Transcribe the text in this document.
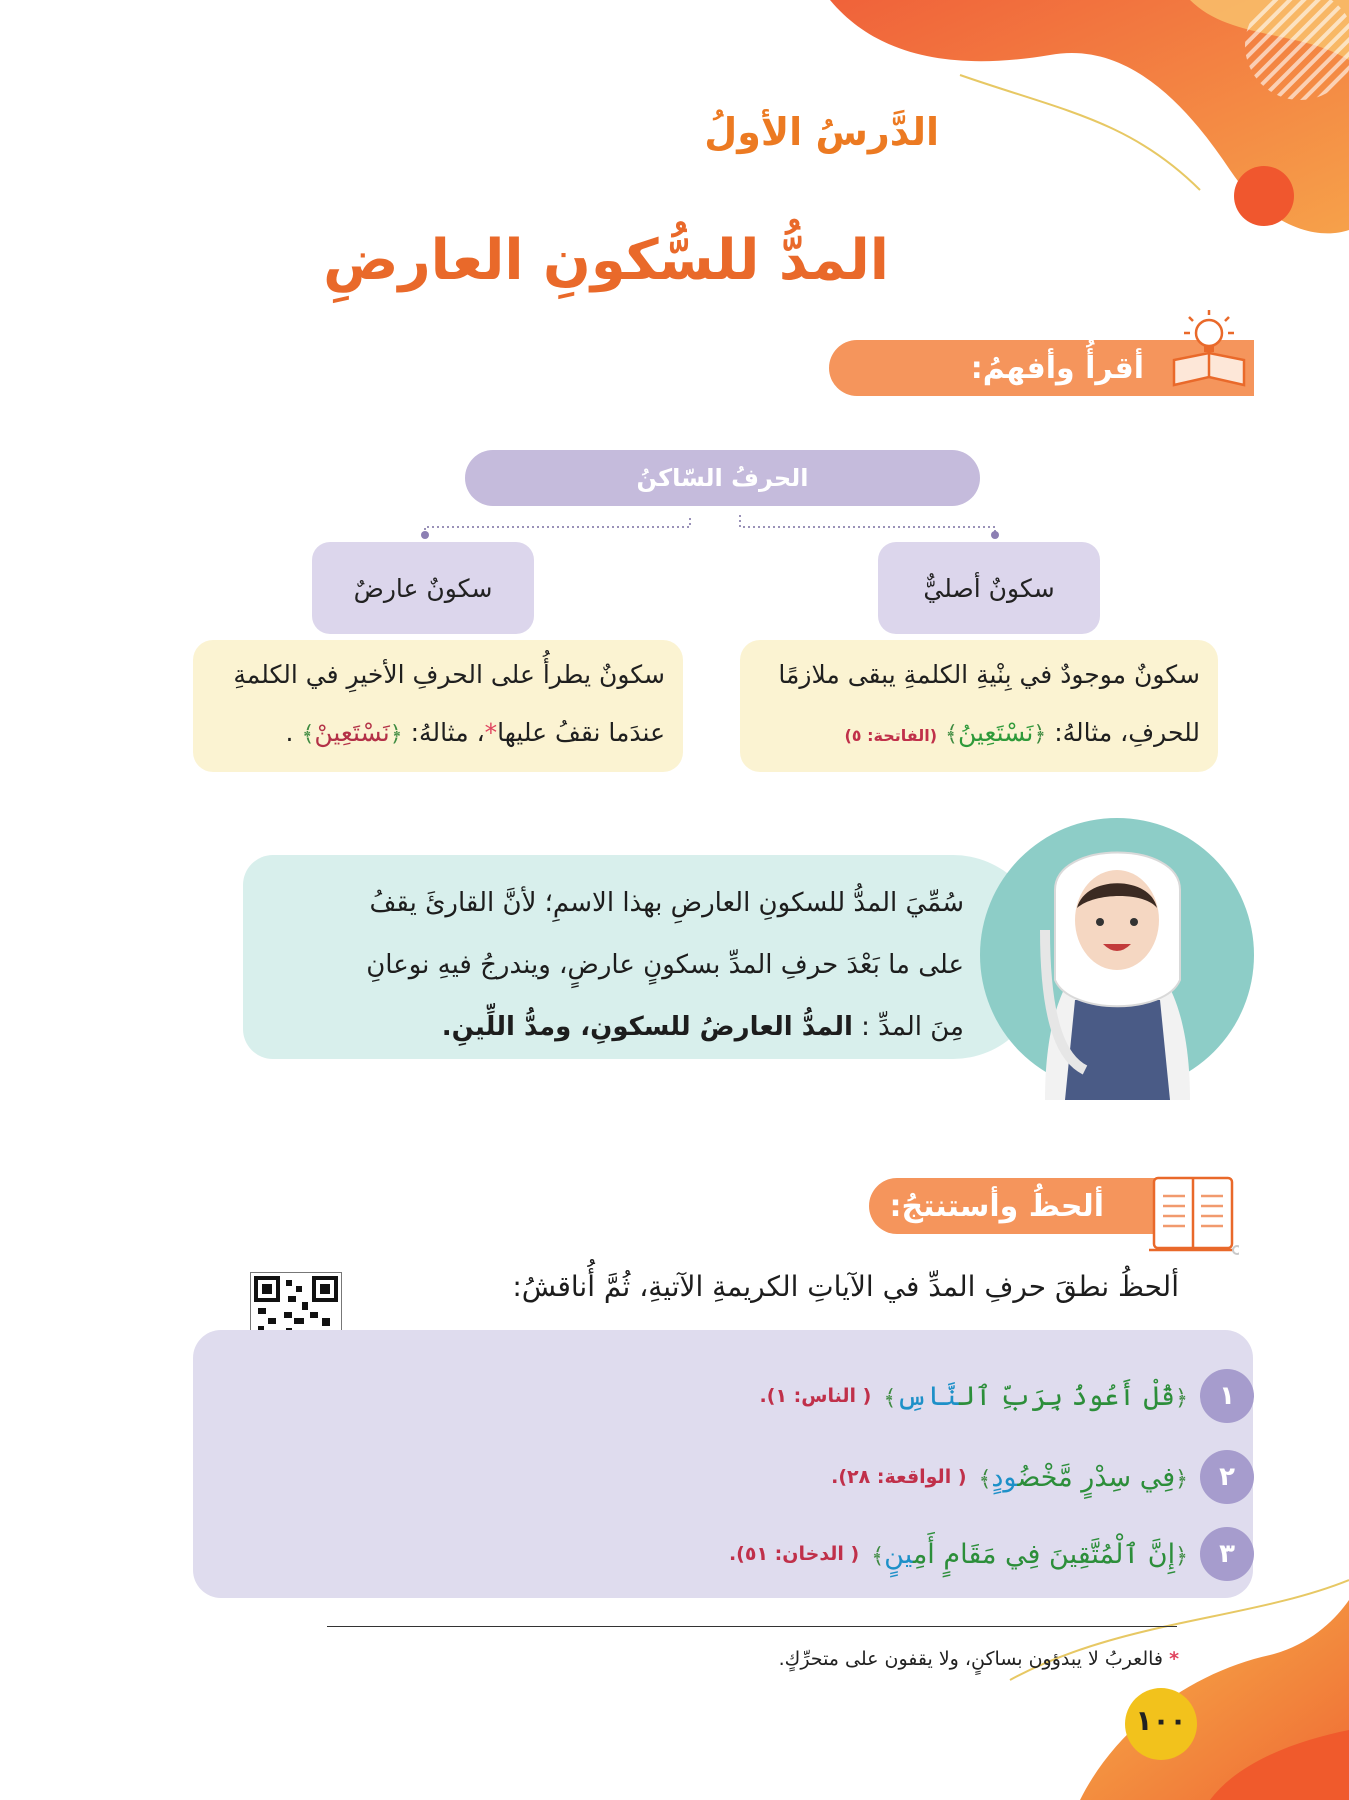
الدَّرسُ الأولُ
المدُّ للسُّكونِ العارضِ
أقرأُ وأفهمُ:
الحرفُ السّاكنُ
سكونٌ أصليٌّ
سكونٌ عارضٌ
سكونٌ موجودٌ في بِنْيةِ الكلمةِ يبقى ملازمًا
للحرفِ، مثالهُ: ﴿نَسْتَعِينُ﴾ (الفاتحة: ٥)
سكونٌ يطرأُ على الحرفِ الأخيرِ في الكلمةِ
عندَما نقفُ عليها*، مثالهُ: ﴿نَسْتَعِينْ﴾ .
سُمِّيَ المدُّ للسكونِ العارضِ بهذا الاسمِ؛ لأنَّ القارئَ يقفُ
على ما بَعْدَ حرفِ المدِّ بسكونٍ عارضٍ، ويندرجُ فيهِ نوعانِ
مِنَ المدِّ : المدُّ العارضُ للسكونِ، ومدُّ اللِّينِ.
ألحظُ وأستنتجُ:
ألحظُ نطقَ حرفِ المدِّ في الآياتِ الكريمةِ الآتيةِ، ثُمَّ أُناقشُ:
١
﴿قُلْ أَعُوذُ بِرَبِّ ٱلنَّاسِ﴾
( الناس: ١).
٢
﴿فِي سِدْرٍ مَّخْضُودٍ﴾
( الواقعة: ٢٨).
٣
﴿إِنَّ ٱلْمُتَّقِينَ فِي مَقَامٍ أَمِينٍ﴾
( الدخان: ٥١).
* فالعربُ لا يبدؤون بساكنٍ، ولا يقفون على متحرِّكٍ.
١٠٠
